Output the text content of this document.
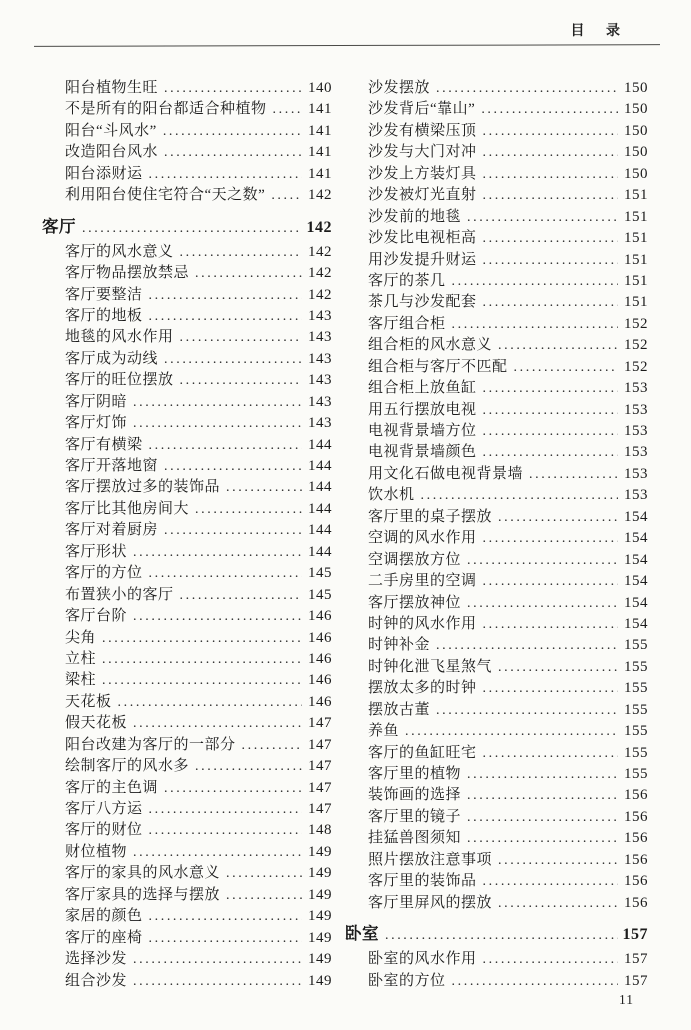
目 录
阳台植物生旺 .....	140
不是所有的阳台都适合种植物 .....	141
阳台“斗风水” .....	141
改造阳台风水 .....	141
阳台添财运 .....	141
利用阳台使住宅符合“天之数” .....	142
客厅 .....	142
客厅的风水意义 .....	142
客厅物品摆放禁忌 .....	142
客厅要整洁 .....	142
客厅的地板 .....	143
地毯的风水作用 .....	143
客厅成为动线 .....	143
客厅的旺位摆放 .....	143
客厅阴暗 .....	143
客厅灯饰 .....	143
客厅有横梁 .....	144
客厅开落地窗 .....	144
客厅摆放过多的装饰品 .....	144
客厅比其他房间大 .....	144
客厅对着厨房 .....	144
客厅形状 .....	144
客厅的方位 .....	145
布置狭小的客厅 .....	145
客厅台阶 .....	146
尖角 .....	146
立柱 .....	146
梁柱 .....	146
天花板 .....	146
假天花板 .....	147
阳台改建为客厅的一部分 .....	147
绘制客厅的风水多 .....	147
客厅的主色调 .....	147
客厅八方运 .....	147
客厅的财位 .....	148
财位植物 .....	149
客厅的家具的风水意义 .....	149
客厅家具的选择与摆放 .....	149
家居的颜色 .....	149
客厅的座椅 .....	149
选择沙发 .....	149
组合沙发 .....	149
沙发摆放 .....	150
沙发背后“靠山” .....	150
沙发有横梁压顶 .....	150
沙发与大门对冲 .....	150
沙发上方装灯具 .....	150
沙发被灯光直射 .....	151
沙发前的地毯 .....	151
沙发比电视柜高 .....	151
用沙发提升财运 .....	151
客厅的茶几 .....	151
茶几与沙发配套 .....	151
客厅组合柜 .....	152
组合柜的风水意义 .....	152
组合柜与客厅不匹配 .....	152
组合柜上放鱼缸 .....	153
用五行摆放电视 .....	153
电视背景墙方位 .....	153
电视背景墙颜色 .....	153
用文化石做电视背景墙 .....	153
饮水机 .....	153
客厅里的桌子摆放 .....	154
空调的风水作用 .....	154
空调摆放方位 .....	154
二手房里的空调 .....	154
客厅摆放神位 .....	154
时钟的风水作用 .....	154
时钟补金 .....	155
时钟化泄飞星煞气 .....	155
摆放太多的时钟 .....	155
摆放古董 .....	155
养鱼 .....	155
客厅的鱼缸旺宅 .....	155
客厅里的植物 .....	155
装饰画的选择 .....	156
客厅里的镜子 .....	156
挂猛兽图须知 .....	156
照片摆放注意事项 .....	156
客厅里的装饰品 .....	156
客厅里屏风的摆放 .....	156
卧室 .....	157
卧室的风水作用 .....	157
卧室的方位 .....	157
11
